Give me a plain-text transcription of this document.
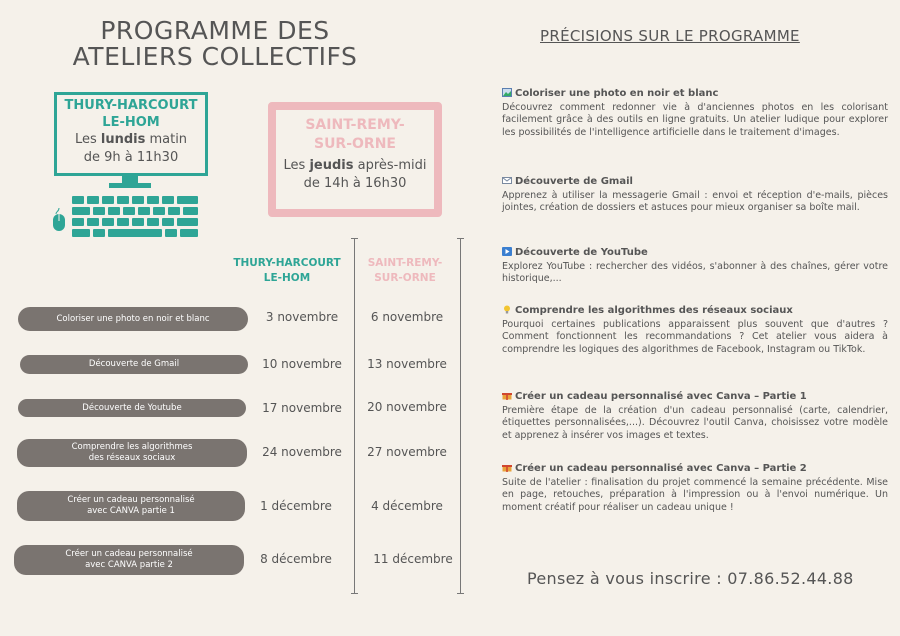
PROGRAMME DES
ATELIERS COLLECTIFS
THURY-HARCOURT
LE-HOM
Les lundis matin
de 9h à 11h30
SAINT-REMY-
SUR-ORNE
Les jeudis après-midi
de 14h à 16h30
THURY-HARCOURT
LE-HOM
SAINT-REMY-
SUR-ORNE
Coloriser une photo en noir et blanc	3 novembre	6 novembre
Découverte de Gmail	10 novembre	13 novembre
Découverte de Youtube	17 novembre	20 novembre
Comprendre les algorithmes
des réseaux sociaux	24 novembre	27 novembre
Créer un cadeau personnalisé
avec CANVA partie 1	1 décembre	4 décembre
Créer un cadeau personnalisé
avec CANVA partie 2	8 décembre	11 décembre
PRÉCISIONS SUR LE PROGRAMME
Coloriser une photo en noir et blanc

Découvrez comment redonner vie à d'anciennes photos en les colorisant facilement grâce à des outils en ligne gratuits. Un atelier ludique pour explorer les possibilités de l'intelligence artificielle dans le traitement d'images.

Découverte de Gmail

Apprenez à utiliser la messagerie Gmail : envoi et réception d'e-mails, pièces jointes, création de dossiers et astuces pour mieux organiser sa boîte mail.

Découverte de YouTube

Explorez YouTube : rechercher des vidéos, s'abonner à des chaînes, gérer votre historique,...

Comprendre les algorithmes des réseaux sociaux

Pourquoi certaines publications apparaissent plus souvent que d'autres ? Comment fonctionnent les recommandations ? Cet atelier vous aidera à comprendre les logiques des algorithmes de Facebook, Instagram ou TikTok.

Créer un cadeau personnalisé avec Canva – Partie 1

Première étape de la création d'un cadeau personnalisé (carte, calendrier, étiquettes personnalisées,...). Découvrez l'outil Canva, choisissez votre modèle et apprenez à insérer vos images et textes.

Créer un cadeau personnalisé avec Canva – Partie 2

Suite de l'atelier : finalisation du projet commencé la semaine précédente. Mise en page, retouches, préparation à l'impression ou à l'envoi numérique. Un moment créatif pour réaliser un cadeau unique !

Pensez à vous inscrire : 07.86.52.44.88
